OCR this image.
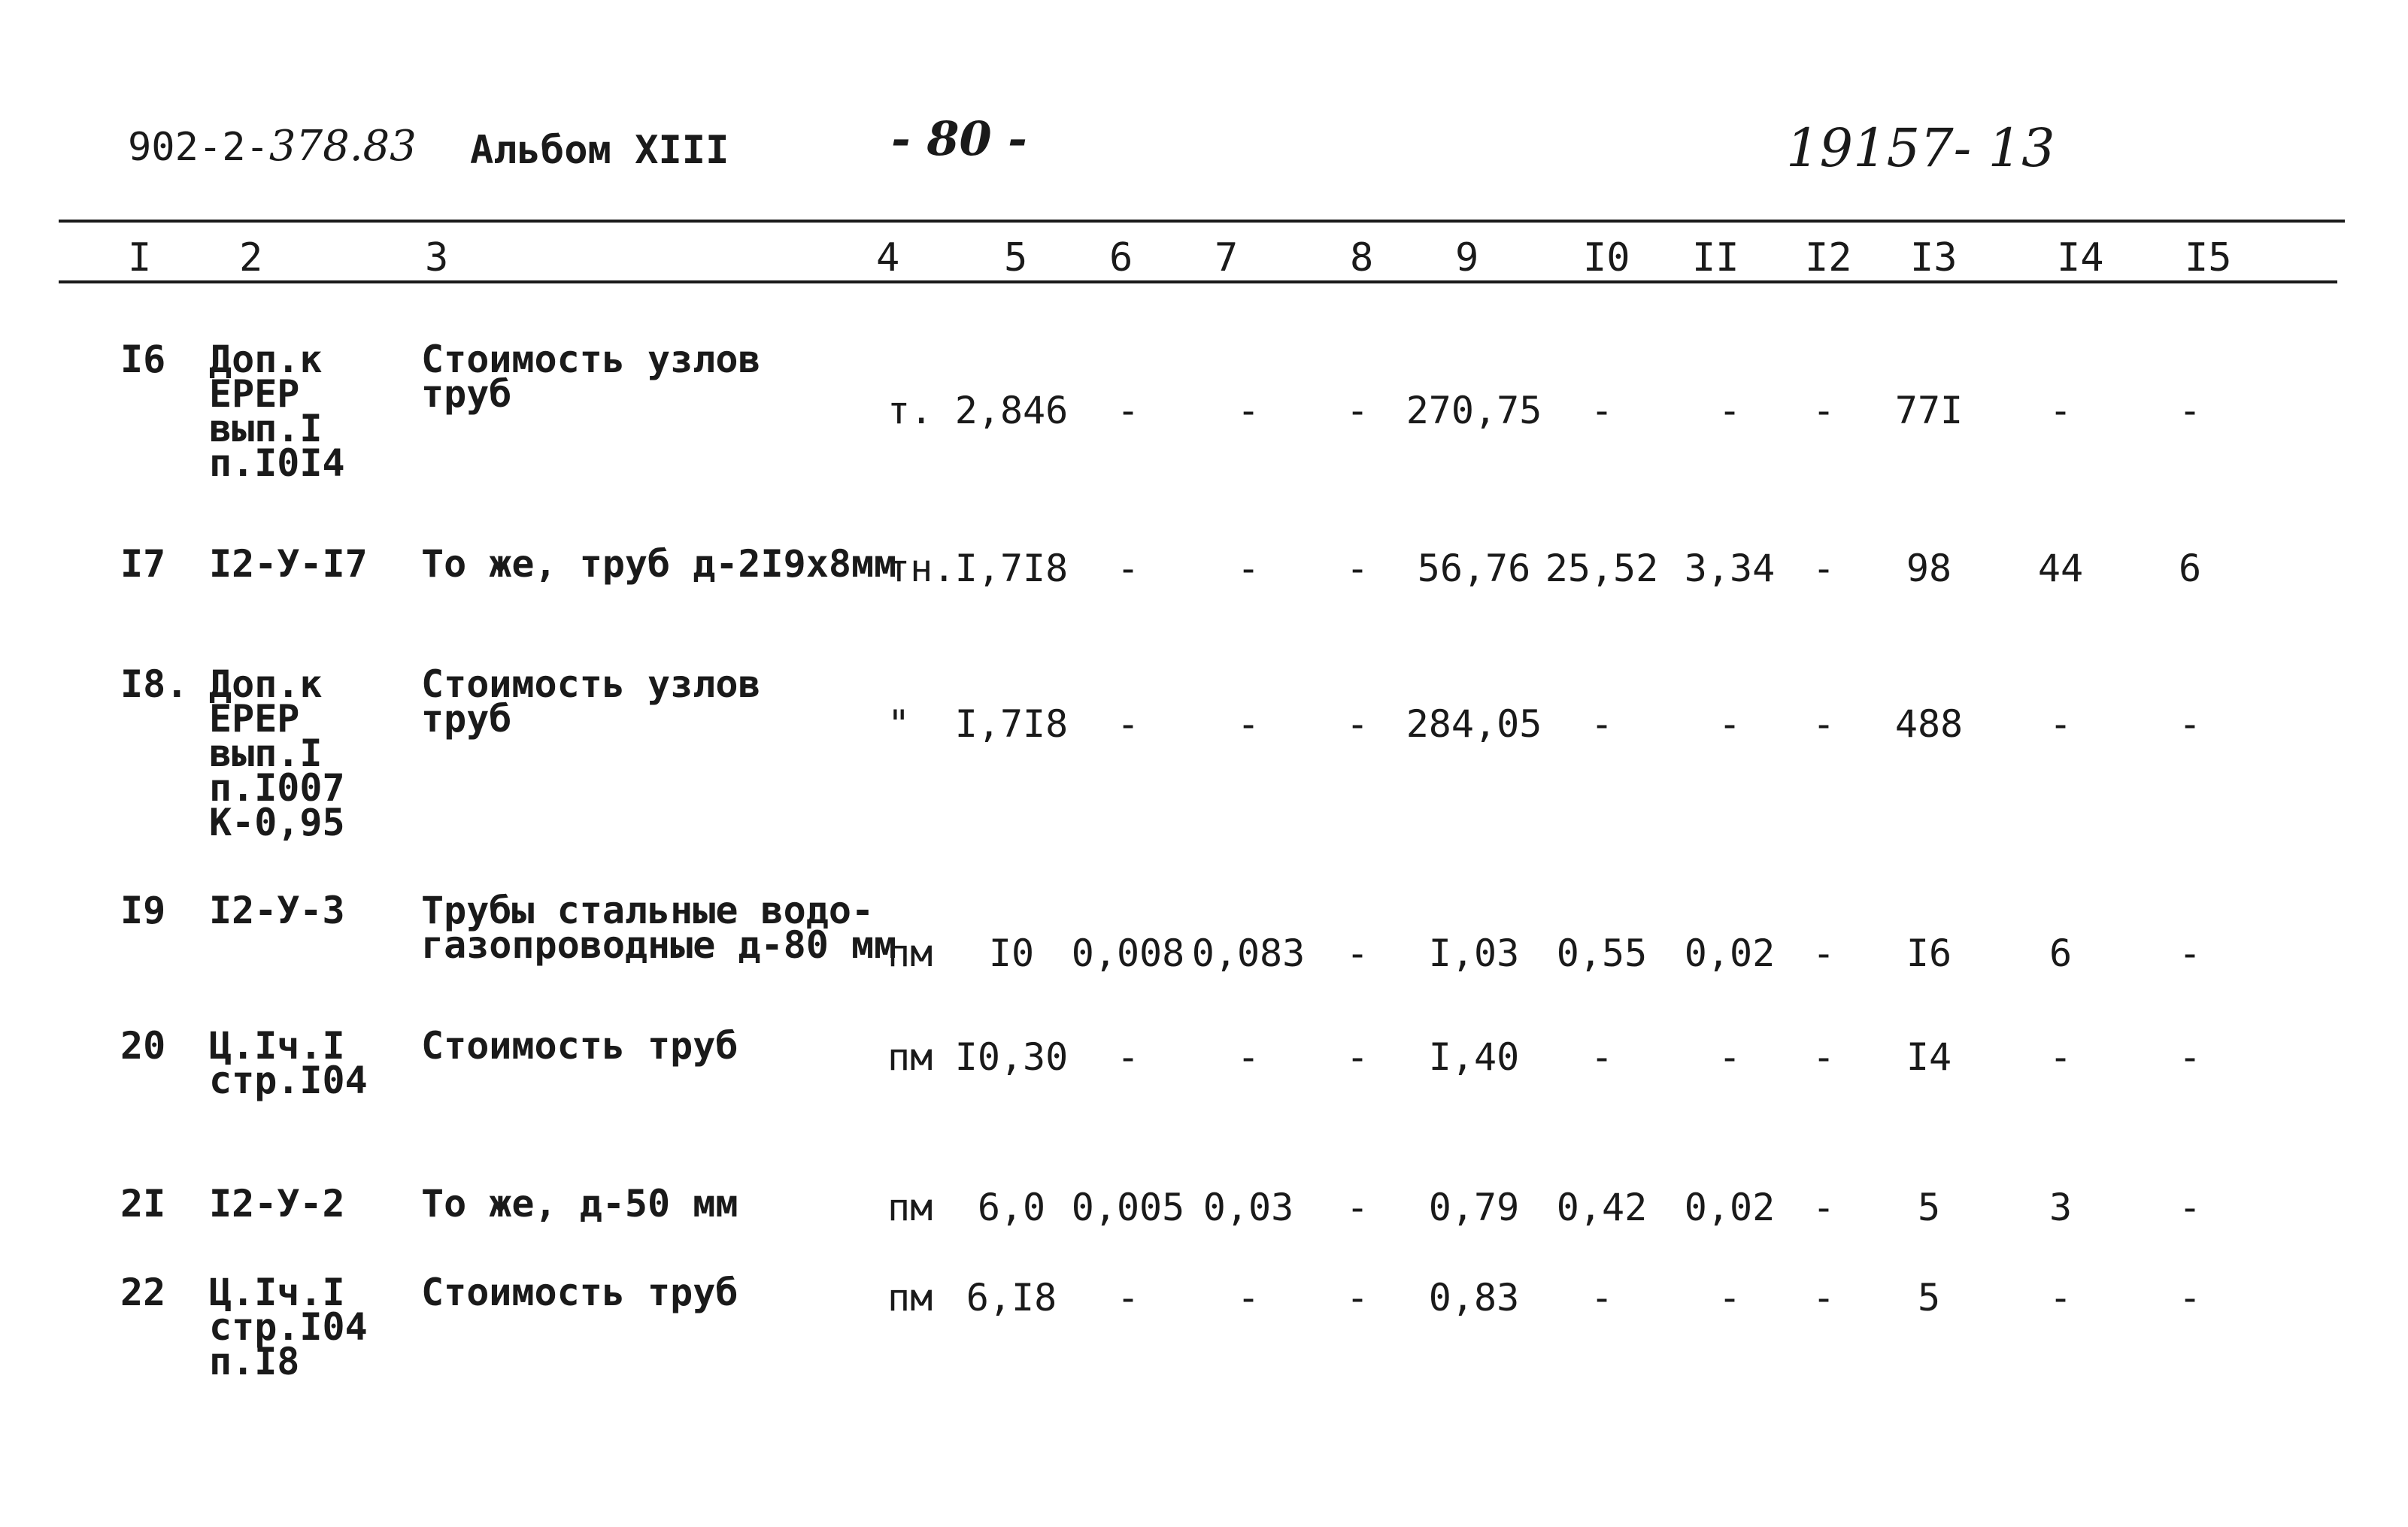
902-2-378.83 Альбом XIII	- 80 -	19157- 13
I 2	3	4	5 6 7	8 9	I0 II I2 I3	I4 I5
I6 Доп.к
ЕРЕР
вып.I
п.I0I4
Стоимость узлов
труб	т. 2,846	-	-	- 270,75	-	-	-	77I	-	-
I7 I2-У-I7 То же, труб д-2I9х8мм
тн. I,7I8	-	-	-	56,76 25,52 3,34 -	98	44	6
I8. Доп.к
ЕРЕР
вып.I
п.I007
К-0,95
Стоимость узлов
труб	"	I,7I8	-	-	- 284,05	-	-	-	488	-	-
I9 I2-У-3 Трубы стальные водо-
газопроводные д-80 мм
пм	I0 0,008 0,083	-	I,03 0,55 0,02 -	I6	6	-
20 Ц.Iч.I
стр.I04
Стоимость труб	пм I0,30	-	-	-	I,40	-	-	-	I4	-	-
2I I2-У-2 То же, д-50 мм	пм	6,0 0,005 0,03	-	0,79 0,42 0,02 -	5	3	-
22 Ц.Iч.I
стр.I04
п.I8
Стоимость труб	пм 6,I8	-	-	-	0,83	-	-	-	5	-	-
